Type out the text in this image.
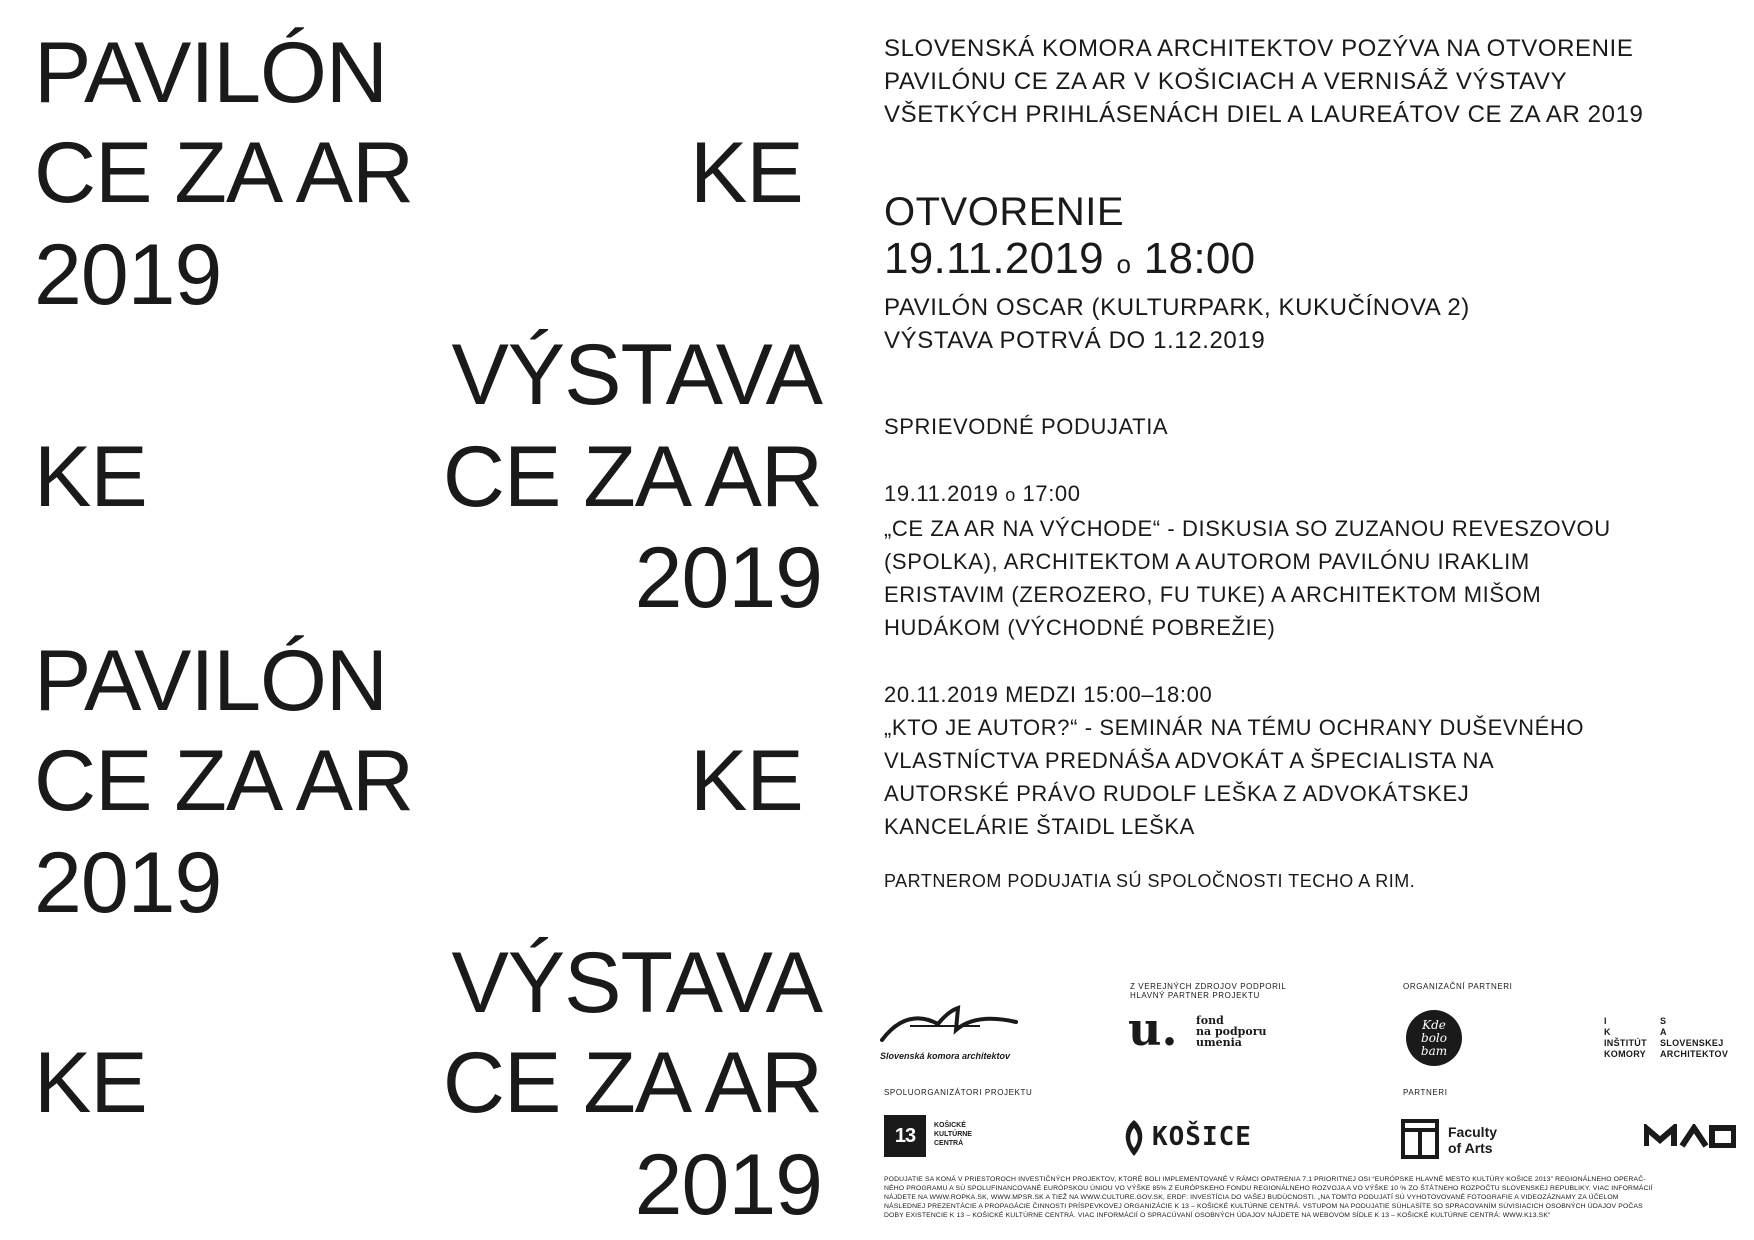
PAVILÓN
CE ZA AR	KE
2019
VÝSTAVA
KE	CE ZA AR
2019
PAVILÓN
CE ZA AR	KE
2019
VÝSTAVA
KE	CE ZA AR
2019
SLOVENSKÁ KOMORA ARCHITEKTOV POZÝVA NA OTVORENIE
PAVILÓNU CE ZA AR V KOŠICIACH A VERNISÁŽ VÝSTAVY
VŠETKÝCH PRIHLÁSENÁCH DIEL A LAUREÁTOV CE ZA AR 2019
OTVORENIE
19.11.2019 o 18:00
PAVILÓN OSCAR (KULTURPARK, KUKUČÍNOVA 2)
VÝSTAVA POTRVÁ DO 1.12.2019
SPRIEVODNÉ PODUJATIA
19.11.2019 o 17:00
„CE ZA AR NA VÝCHODE“ - DISKUSIA SO ZUZANOU REVESZOVOU
(SPOLKA), ARCHITEKTOM A AUTOROM PAVILÓNU IRAKLIM
ERISTAVIM (ZEROZERO, FU TUKE) A ARCHITEKTOM MIŠOM
HUDÁKOM (VÝCHODNÉ POBREŽIE)
20.11.2019 MEDZI 15:00–18:00
„KTO JE AUTOR?“ - SEMINÁR NA TÉMU OCHRANY DUŠEVNÉHO
VLASTNÍCTVA PREDNÁŠA ADVOKÁT A ŠPECIALISTA NA
AUTORSKÉ PRÁVO RUDOLF LEŠKA Z ADVOKÁTSKEJ
KANCELÁRIE ŠTAIDL LEŠKA
PARTNEROM PODUJATIA SÚ SPOLOČNOSTI TECHO A RIM.
Z VEREJNÝCH ZDROJOV PODPORIL
HLAVNÝ PARTNER PROJEKTU
ORGANIZAČNÍ PARTNERI
SPOLUORGANIZÁTORI PROJEKTU	PARTNERI
Slovenská komora architektov	u. fond
na podporu
umenia
Kde
bolo
bam
I
K
INŠTITÚT
KOMORY
S
A
SLOVENSKEJ
ARCHITEKTOV
13	KOŠICKÉ
KULTÚRNE
CENTRÁ	KOŠICE	Faculty
of Arts
PODUJATIE SA KONÁ V PRIESTOROCH INVESTIČNÝCH PROJEKTOV, KTORÉ BOLI IMPLEMENTOVANÉ V RÁMCI OPATRENIA 7.1 PRIORITNEJ OSI “EURÓPSKE HLAVNÉ MESTO KULTÚRY KOŠICE 2013” REGIONÁLNEHO OPERAČ-
NÉHO PROGRAMU A SÚ SPOLUFINANCOVANÉ EURÓPSKOU ÚNIOU VO VÝŠKE 85% Z EURÓPSKEHO FONDU REGIONÁLNEHO ROZVOJA A VO VÝŠKE 10 % ZO ŠTÁTNEHO ROZPOČTU SLOVENSKEJ REPUBLIKY. VIAC INFORMÁCIÍ
NÁJDETE NA WWW.ROPKA.SK, WWW.MPSR.SK A TIEŽ NA WWW.CULTURE.GOV.SK, ERDF: INVESTÍCIA DO VAŠEJ BUDÚCNOSTI. „NA TOMTO PODUJATÍ SÚ VYHOTOVOVANÉ FOTOGRAFIE A VIDEOZÁZNAMY ZA ÚČELOM
NÁSLEDNEJ PREZENTÁCIE A PROPAGÁCIE ČINNOSTI PRÍSPEVKOVEJ ORGANIZÁCIE K 13 – KOŠICKÉ KULTÚRNE CENTRÁ. VSTUPOM NA PODUJATIE SÚHLASÍTE SO SPRACOVANÍM SÚVISIACICH OSOBNÝCH ÚDAJOV POČAS
DOBY EXISTENCIE K 13 – KOŠICKÉ KULTÚRNE CENTRÁ. VIAC INFORMÁCIÍ O SPRACÚVANÍ OSOBNÝCH ÚDAJOV NÁJDETE NA WEBOVOM SÍDLE K 13 – KOŠICKÉ KULTÚRNE CENTRÁ: WWW.K13.SK“
